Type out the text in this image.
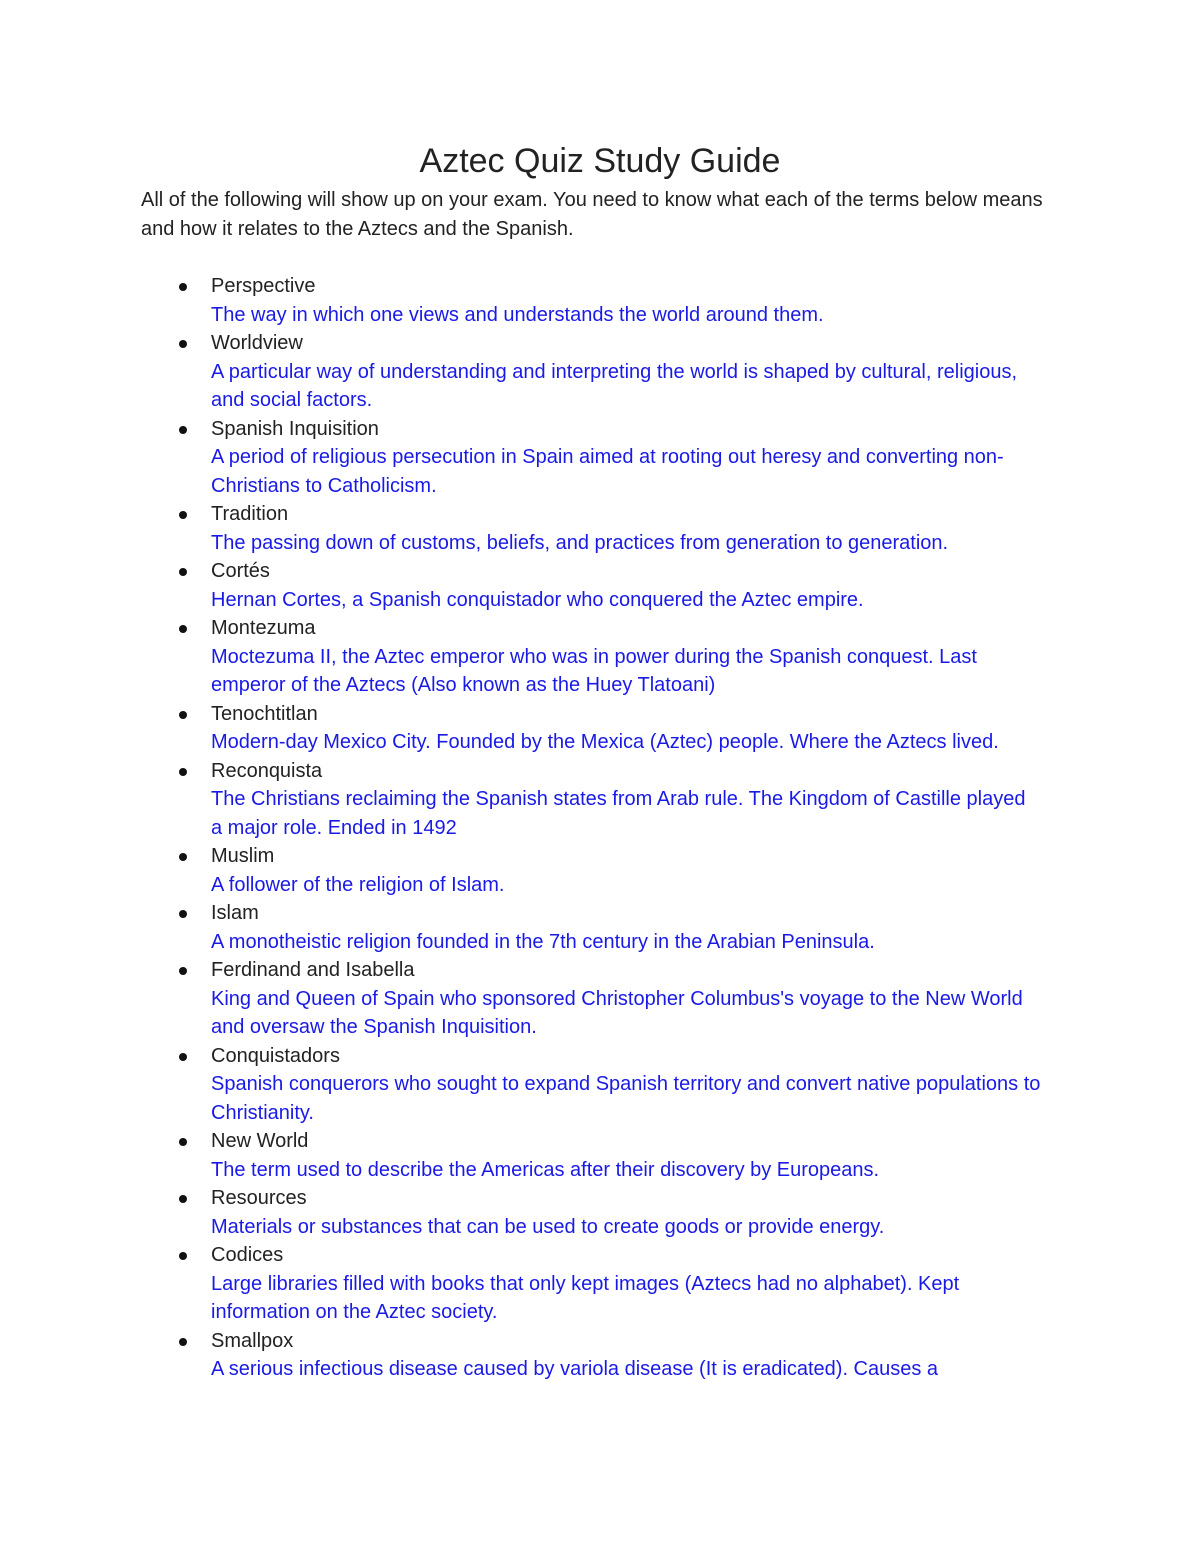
Aztec Quiz Study Guide

All of the following will show up on your exam. You need to know what each of the terms below means and how it relates to the Aztecs and the Spanish.

Perspective
The way in which one views and understands the world around them.
Worldview
A particular way of understanding and interpreting the world is shaped by cultural, religious, and social factors.
Spanish Inquisition
A period of religious persecution in Spain aimed at rooting out heresy and converting non-Christians to Catholicism.
Tradition
The passing down of customs, beliefs, and practices from generation to generation.
Cortés
Hernan Cortes, a Spanish conquistador who conquered the Aztec empire.
Montezuma
Moctezuma II, the Aztec emperor who was in power during the Spanish conquest. Last emperor of the Aztecs (Also known as the Huey Tlatoani)
Tenochtitlan
Modern-day Mexico City. Founded by the Mexica (Aztec) people. Where the Aztecs lived.
Reconquista
The Christians reclaiming the Spanish states from Arab rule. The Kingdom of Castille played a major role. Ended in 1492
Muslim
A follower of the religion of Islam.
Islam
A monotheistic religion founded in the 7th century in the Arabian Peninsula.
Ferdinand and Isabella
King and Queen of Spain who sponsored Christopher Columbus's voyage to the New World and oversaw the Spanish Inquisition.
Conquistadors
Spanish conquerors who sought to expand Spanish territory and convert native populations to Christianity.
New World
The term used to describe the Americas after their discovery by Europeans.
Resources
Materials or substances that can be used to create goods or provide energy.
Codices
Large libraries filled with books that only kept images (Aztecs had no alphabet). Kept information on the Aztec society.
Smallpox
A serious infectious disease caused by variola disease (It is eradicated). Causes a
